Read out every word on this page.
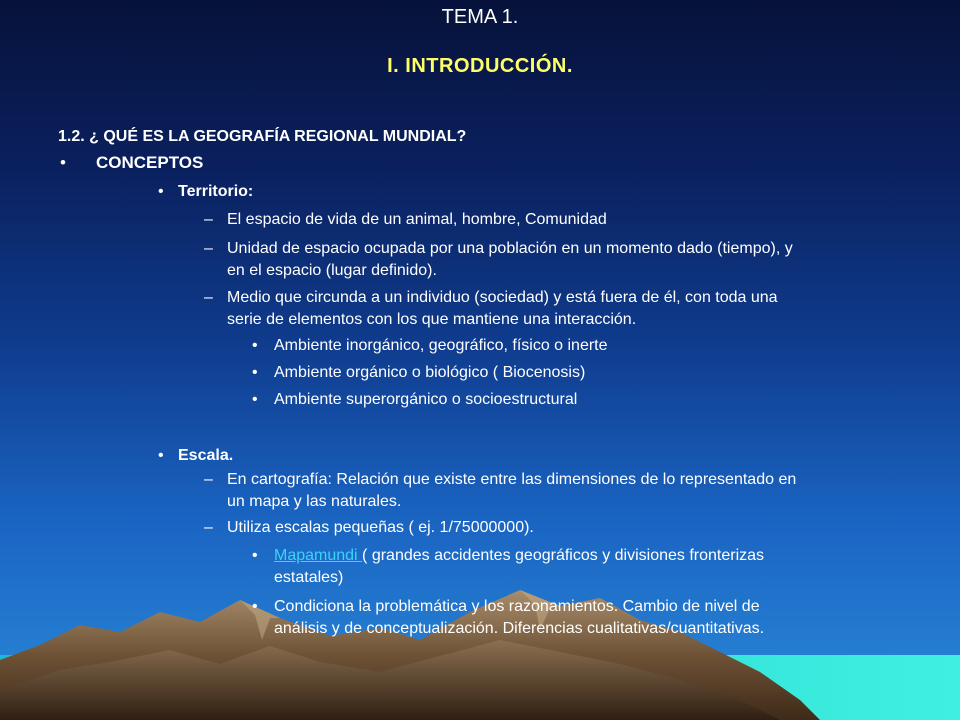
TEMA 1.
I. INTRODUCCIÓN.
1.2. ¿ QUÉ ES LA GEOGRAFÍA REGIONAL MUNDIAL?
• CONCEPTOS
• Territorio:
– El espacio de vida de un animal, hombre, Comunidad
– Unidad de espacio ocupada por una población en un momento dado (tiempo), y
en el espacio (lugar definido).
– Medio que circunda a un individuo (sociedad) y está fuera de él, con toda una
serie de elementos con los que mantiene una interacción.
• Ambiente inorgánico, geográfico, físico o inerte
• Ambiente orgánico o biológico ( Biocenosis)
• Ambiente superorgánico o socioestructural
• Escala.
– En cartografía: Relación que existe entre las dimensiones de lo representado en
un mapa y las naturales.
– Utiliza escalas pequeñas ( ej. 1/75000000).
• Mapamundi ( grandes accidentes geográficos y divisiones fronterizas
estatales)
• Condiciona la problemática y los razonamientos. Cambio de nivel de
análisis y de conceptualización. Diferencias cualitativas/cuantitativas.
